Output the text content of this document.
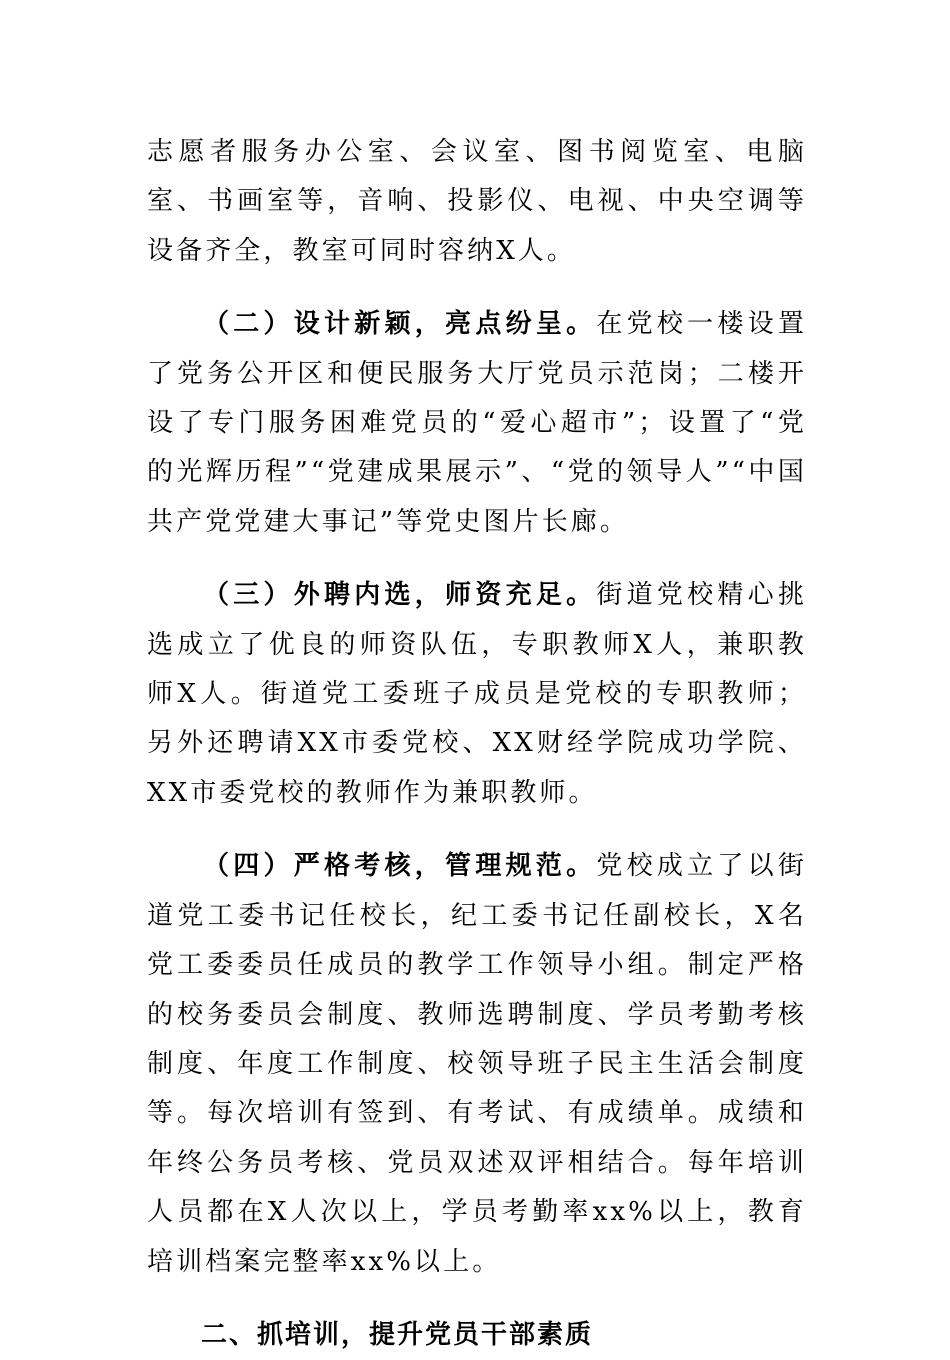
志愿者服务办公室、会议室、图书阅览室、电脑室、书画室等，音响、投影仪、电视、中央空调等设备齐全，教室可同时容纳X人。

（二）设计新颖，亮点纷呈。在党校一楼设置了党务公开区和便民服务大厅党员示范岗；二楼开设了专门服务困难党员的“爱心超市”；设置了“党的光辉历程”“党建成果展示”、“党的领导人”“中国共产党党建大事记”等党史图片长廊。

（三）外聘内选，师资充足。街道党校精心挑选成立了优良的师资队伍，专职教师X人，兼职教师X人。街道党工委班子成员是党校的专职教师；另外还聘请XX市委党校、XX财经学院成功学院、XX市委党校的教师作为兼职教师。

（四）严格考核，管理规范。党校成立了以街道党工委书记任校长，纪工委书记任副校长，X名党工委委员任成员的教学工作领导小组。制定严格的校务委员会制度、教师选聘制度、学员考勤考核制度、年度工作制度、校领导班子民主生活会制度等。每次培训有签到、有考试、有成绩单。成绩和年终公务员考核、党员双述双评相结合。每年培训人员都在X人次以上，学员考勤率xx%以上，教育培训档案完整率xx%以上。

二、抓培训，提升党员干部素质
